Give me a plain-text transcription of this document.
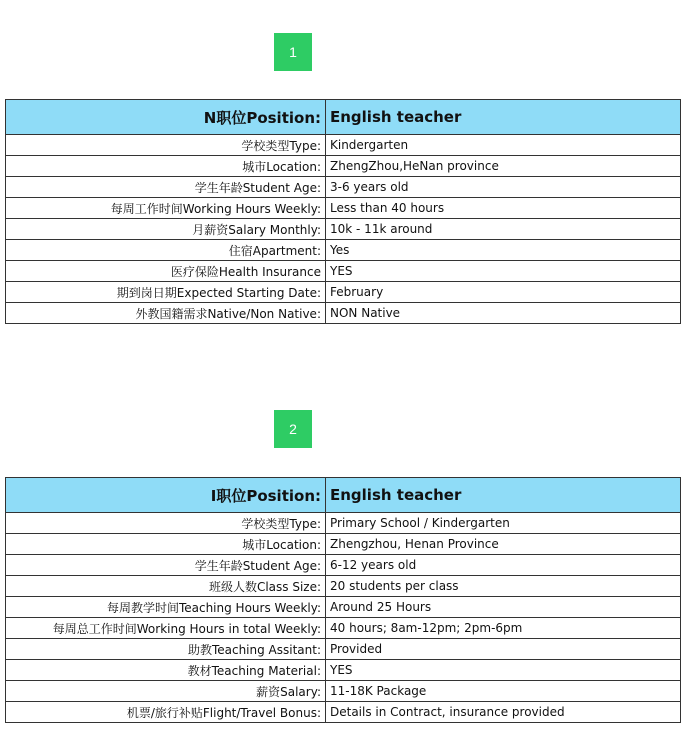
1
N职位Position:	English teacher
学校类型Type:	Kindergarten
城市Location:	ZhengZhou,HeNan province
学生年龄Student Age:	3-6 years old
每周工作时间Working Hours Weekly:	Less than 40 hours
月薪资Salary Monthly:	10k - 11k around
住宿Apartment:	Yes
医疗保险Health Insurance	YES
期到岗日期Expected Starting Date:	February
外教国籍需求Native/Non Native:	NON Native
2
I职位Position:	English teacher
学校类型Type:	Primary School / Kindergarten
城市Location:	Zhengzhou, Henan Province
学生年龄Student Age:	6-12 years old
班级人数Class Size:	20 students per class
每周教学时间Teaching Hours Weekly:	Around 25 Hours
每周总工作时间Working Hours in total Weekly:	40 hours; 8am-12pm; 2pm-6pm
助教Teaching Assitant:	Provided
教材Teaching Material:	YES
薪资Salary:	11-18K Package
机票/旅行补贴Flight/Travel Bonus:	Details in Contract, insurance provided
